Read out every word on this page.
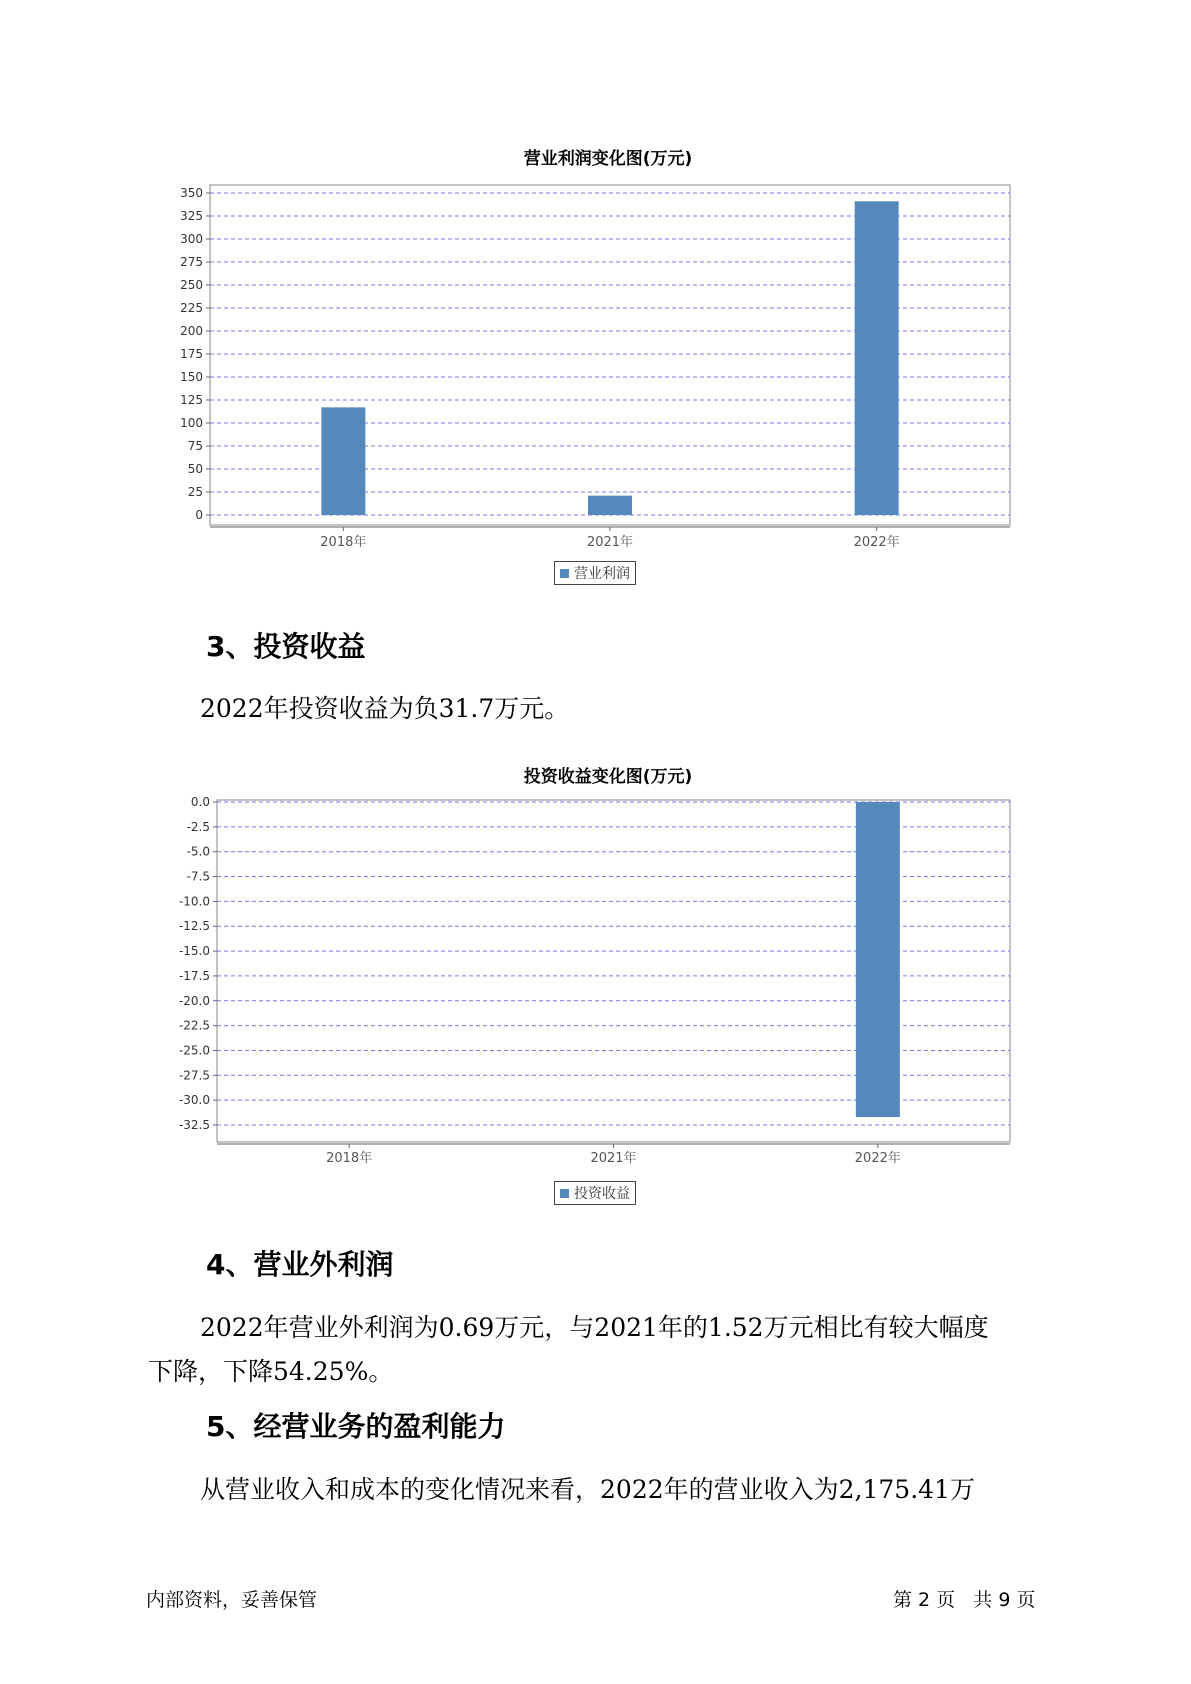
0
25
50
75
100
125
150
175
200
225
250
275
300
325
350
2018年	2021年	2022年
0.0
-2.5
-5.0
-7.5
-10.0
-12.5
-15.0
-17.5
-20.0
-22.5
-25.0
-27.5
-30.0
-32.5
2018年	2021年	2022年
营业利润变化图(万元)
营业利润
投资收益变化图(万元)
投资收益
3、投资收益
2022年投资收益为负31.7万元。
4、营业外利润
2022年营业外利润为0.69万元，与2021年的1.52万元相比有较大幅度
下降，下降54.25%。
5、经营业务的盈利能力
从营业收入和成本的变化情况来看，2022年的营业收入为2,175.41万
内部资料，妥善保管	第 2 页   共 9 页
